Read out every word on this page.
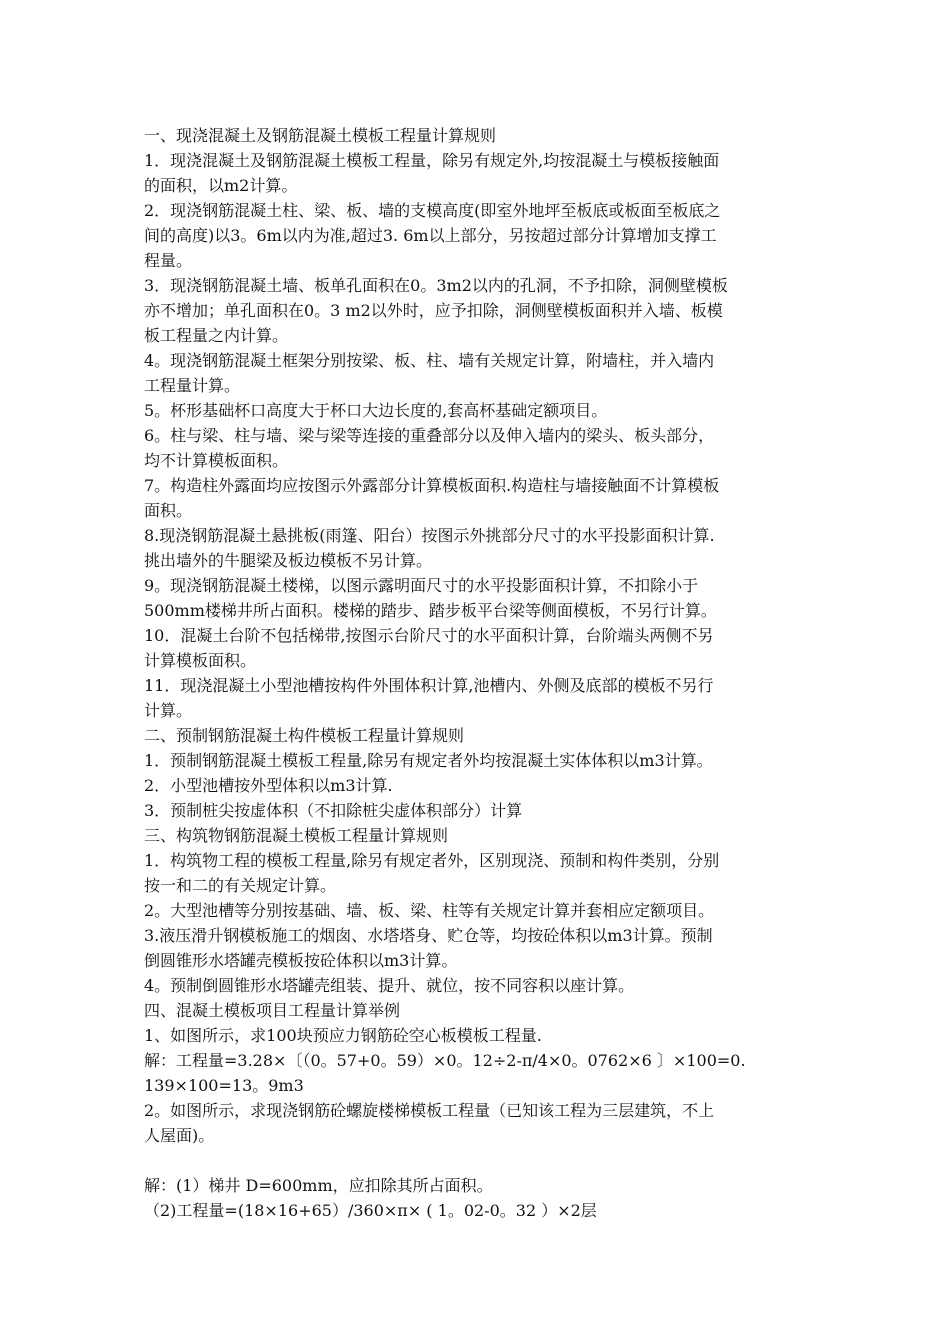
一、现浇混凝土及钢筋混凝土模板工程量计算规则
1．现浇混凝土及钢筋混凝土模板工程量，除另有规定外,均按混凝土与模板接触面
的面积，以m2计算。
2．现浇钢筋混凝土柱、梁、板、墙的支模高度(即室外地坪至板底或板面至板底之
间的高度)以3。6m以内为准,超过3. 6m以上部分，另按超过部分计算增加支撑工
程量。
3．现浇钢筋混凝土墙、板单孔面积在0。3m2以内的孔洞，不予扣除，洞侧壁模板
亦不增加；单孔面积在0。3 m2以外时，应予扣除，洞侧壁模板面积并入墙、板模
板工程量之内计算。
4。现浇钢筋混凝土框架分别按梁、板、柱、墙有关规定计算，附墙柱，并入墙内
工程量计算。
5。杯形基础杯口高度大于杯口大边长度的,套高杯基础定额项目。
6。柱与梁、柱与墙、梁与梁等连接的重叠部分以及伸入墙内的梁头、板头部分，
均不计算模板面积。
7。构造柱外露面均应按图示外露部分计算模板面积.构造柱与墙接触面不计算模板
面积。
8.现浇钢筋混凝土悬挑板(雨篷、阳台）按图示外挑部分尺寸的水平投影面积计算.
挑出墙外的牛腿梁及板边模板不另计算。
9。现浇钢筋混凝土楼梯，以图示露明面尺寸的水平投影面积计算，不扣除小于
500mm楼梯井所占面积。楼梯的踏步、踏步板平台梁等侧面模板，不另行计算。
10．混凝土台阶不包括梯带,按图示台阶尺寸的水平面积计算，台阶端头两侧不另
计算模板面积。
11．现浇混凝土小型池槽按构件外围体积计算,池槽内、外侧及底部的模板不另行
计算。
二、预制钢筋混凝土构件模板工程量计算规则
1．预制钢筋混凝土模板工程量,除另有规定者外均按混凝土实体体积以m3计算。
2．小型池槽按外型体积以m3计算.
3．预制桩尖按虚体积（不扣除桩尖虚体积部分）计算
三、构筑物钢筋混凝土模板工程量计算规则
1．构筑物工程的模板工程量,除另有规定者外，区别现浇、预制和构件类别，分别
按一和二的有关规定计算。
2。大型池槽等分别按基础、墙、板、梁、柱等有关规定计算并套相应定额项目。
3.液压滑升钢模板施工的烟囱、水塔塔身、贮仓等，均按砼体积以m3计算。预制
倒圆锥形水塔罐壳模板按砼体积以m3计算。
4。预制倒圆锥形水塔罐壳组装、提升、就位，按不同容积以座计算。
四、混凝土模板项目工程量计算举例
1、如图所示，求100块预应力钢筋砼空心板模板工程量.
解：工程量=3.28×〔（0。57+0。59）×0。12÷2-π/4×0。0762×6 〕×100=0.
139×100=13。9m3
2。如图所示，求现浇钢筋砼螺旋楼梯模板工程量（已知该工程为三层建筑，不上
人屋面)。
解：(1）梯井 D=600mm，应扣除其所占面积。
（2)工程量=(18×16+65）/360×π× ( 1。02-0。32 ）×2层
